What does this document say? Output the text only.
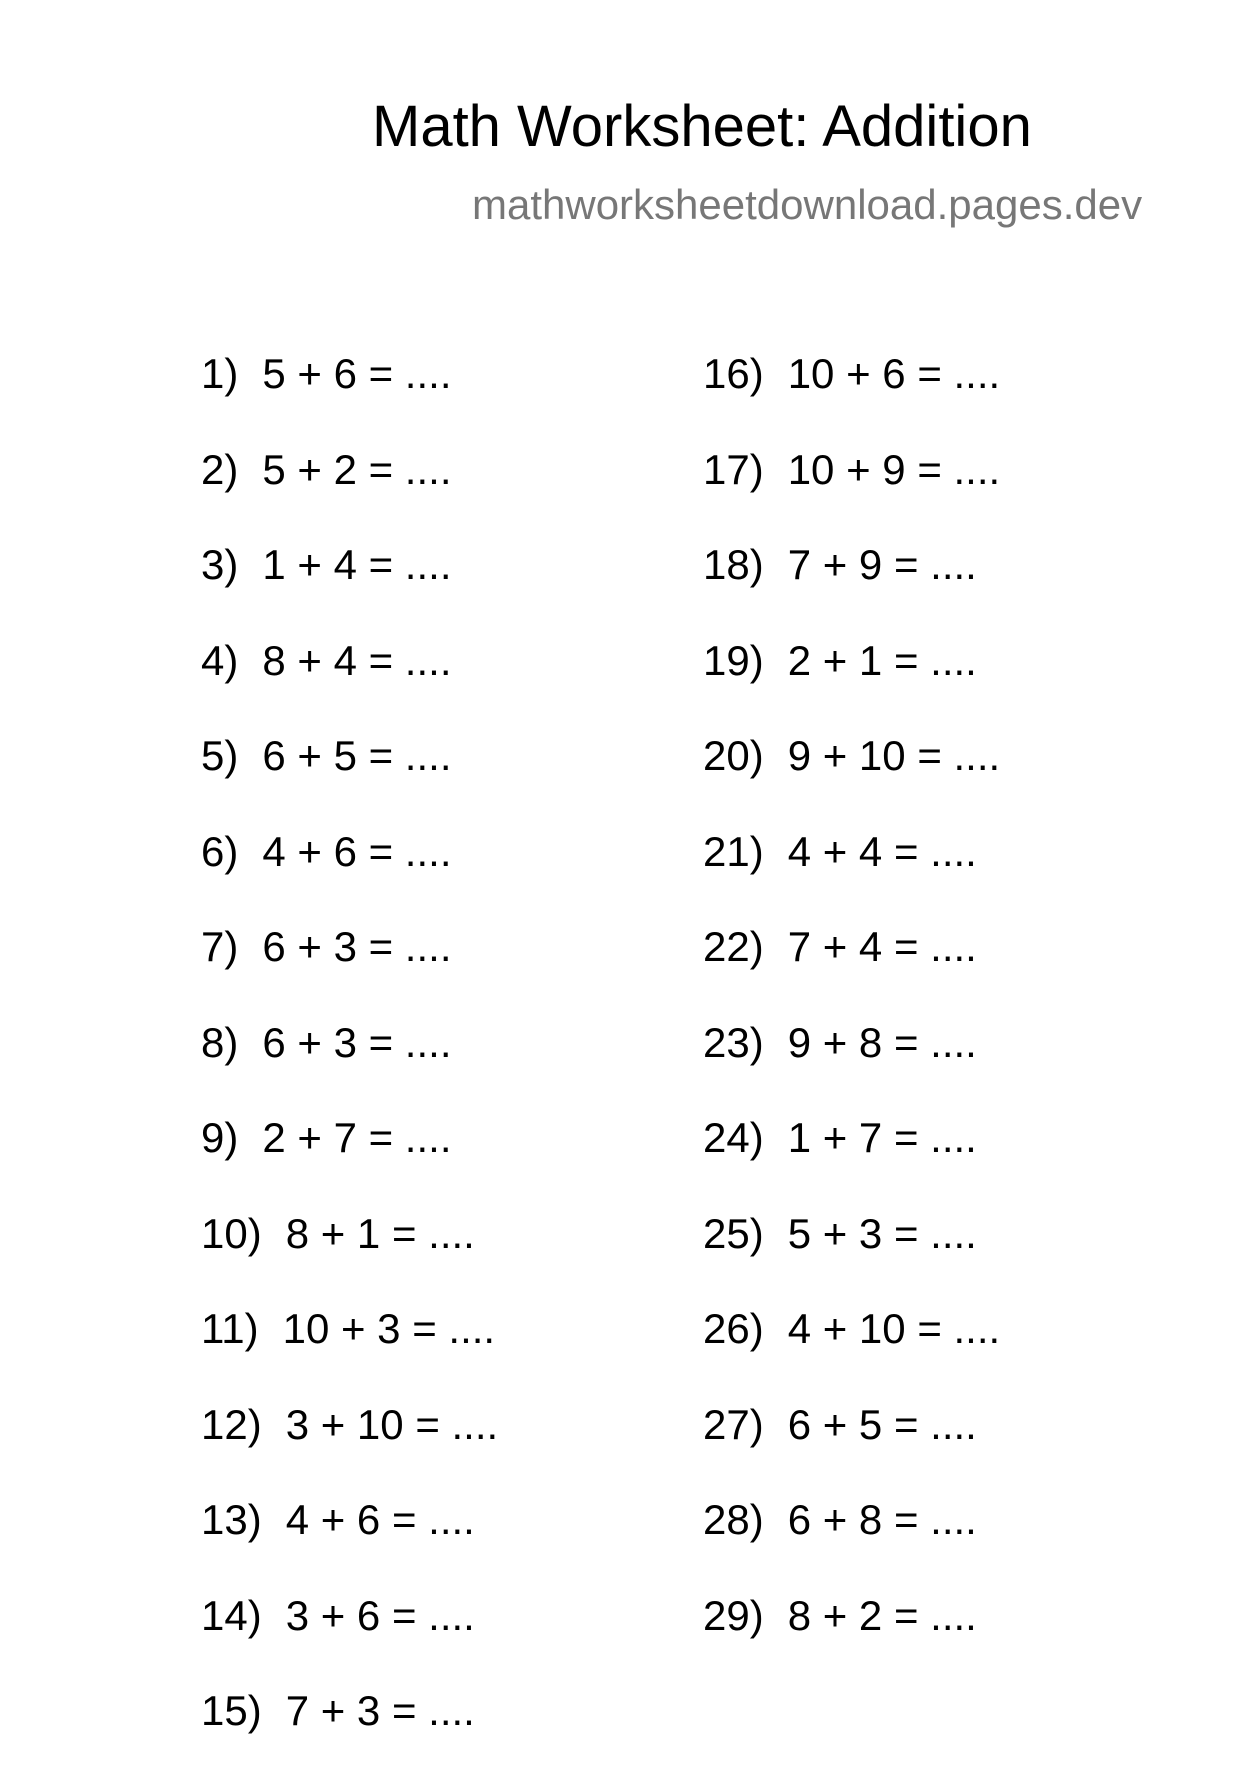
Math Worksheet: Addition
mathworksheetdownload.pages.dev
1) 5 + 6 = ....
2) 5 + 2 = ....
3) 1 + 4 = ....
4) 8 + 4 = ....
5) 6 + 5 = ....
6) 4 + 6 = ....
7) 6 + 3 = ....
8) 6 + 3 = ....
9) 2 + 7 = ....
10) 8 + 1 = ....
11) 10 + 3 = ....
12) 3 + 10 = ....
13) 4 + 6 = ....
14) 3 + 6 = ....
15) 7 + 3 = ....
16) 10 + 6 = ....
17) 10 + 9 = ....
18) 7 + 9 = ....
19) 2 + 1 = ....
20) 9 + 10 = ....
21) 4 + 4 = ....
22) 7 + 4 = ....
23) 9 + 8 = ....
24) 1 + 7 = ....
25) 5 + 3 = ....
26) 4 + 10 = ....
27) 6 + 5 = ....
28) 6 + 8 = ....
29) 8 + 2 = ....
